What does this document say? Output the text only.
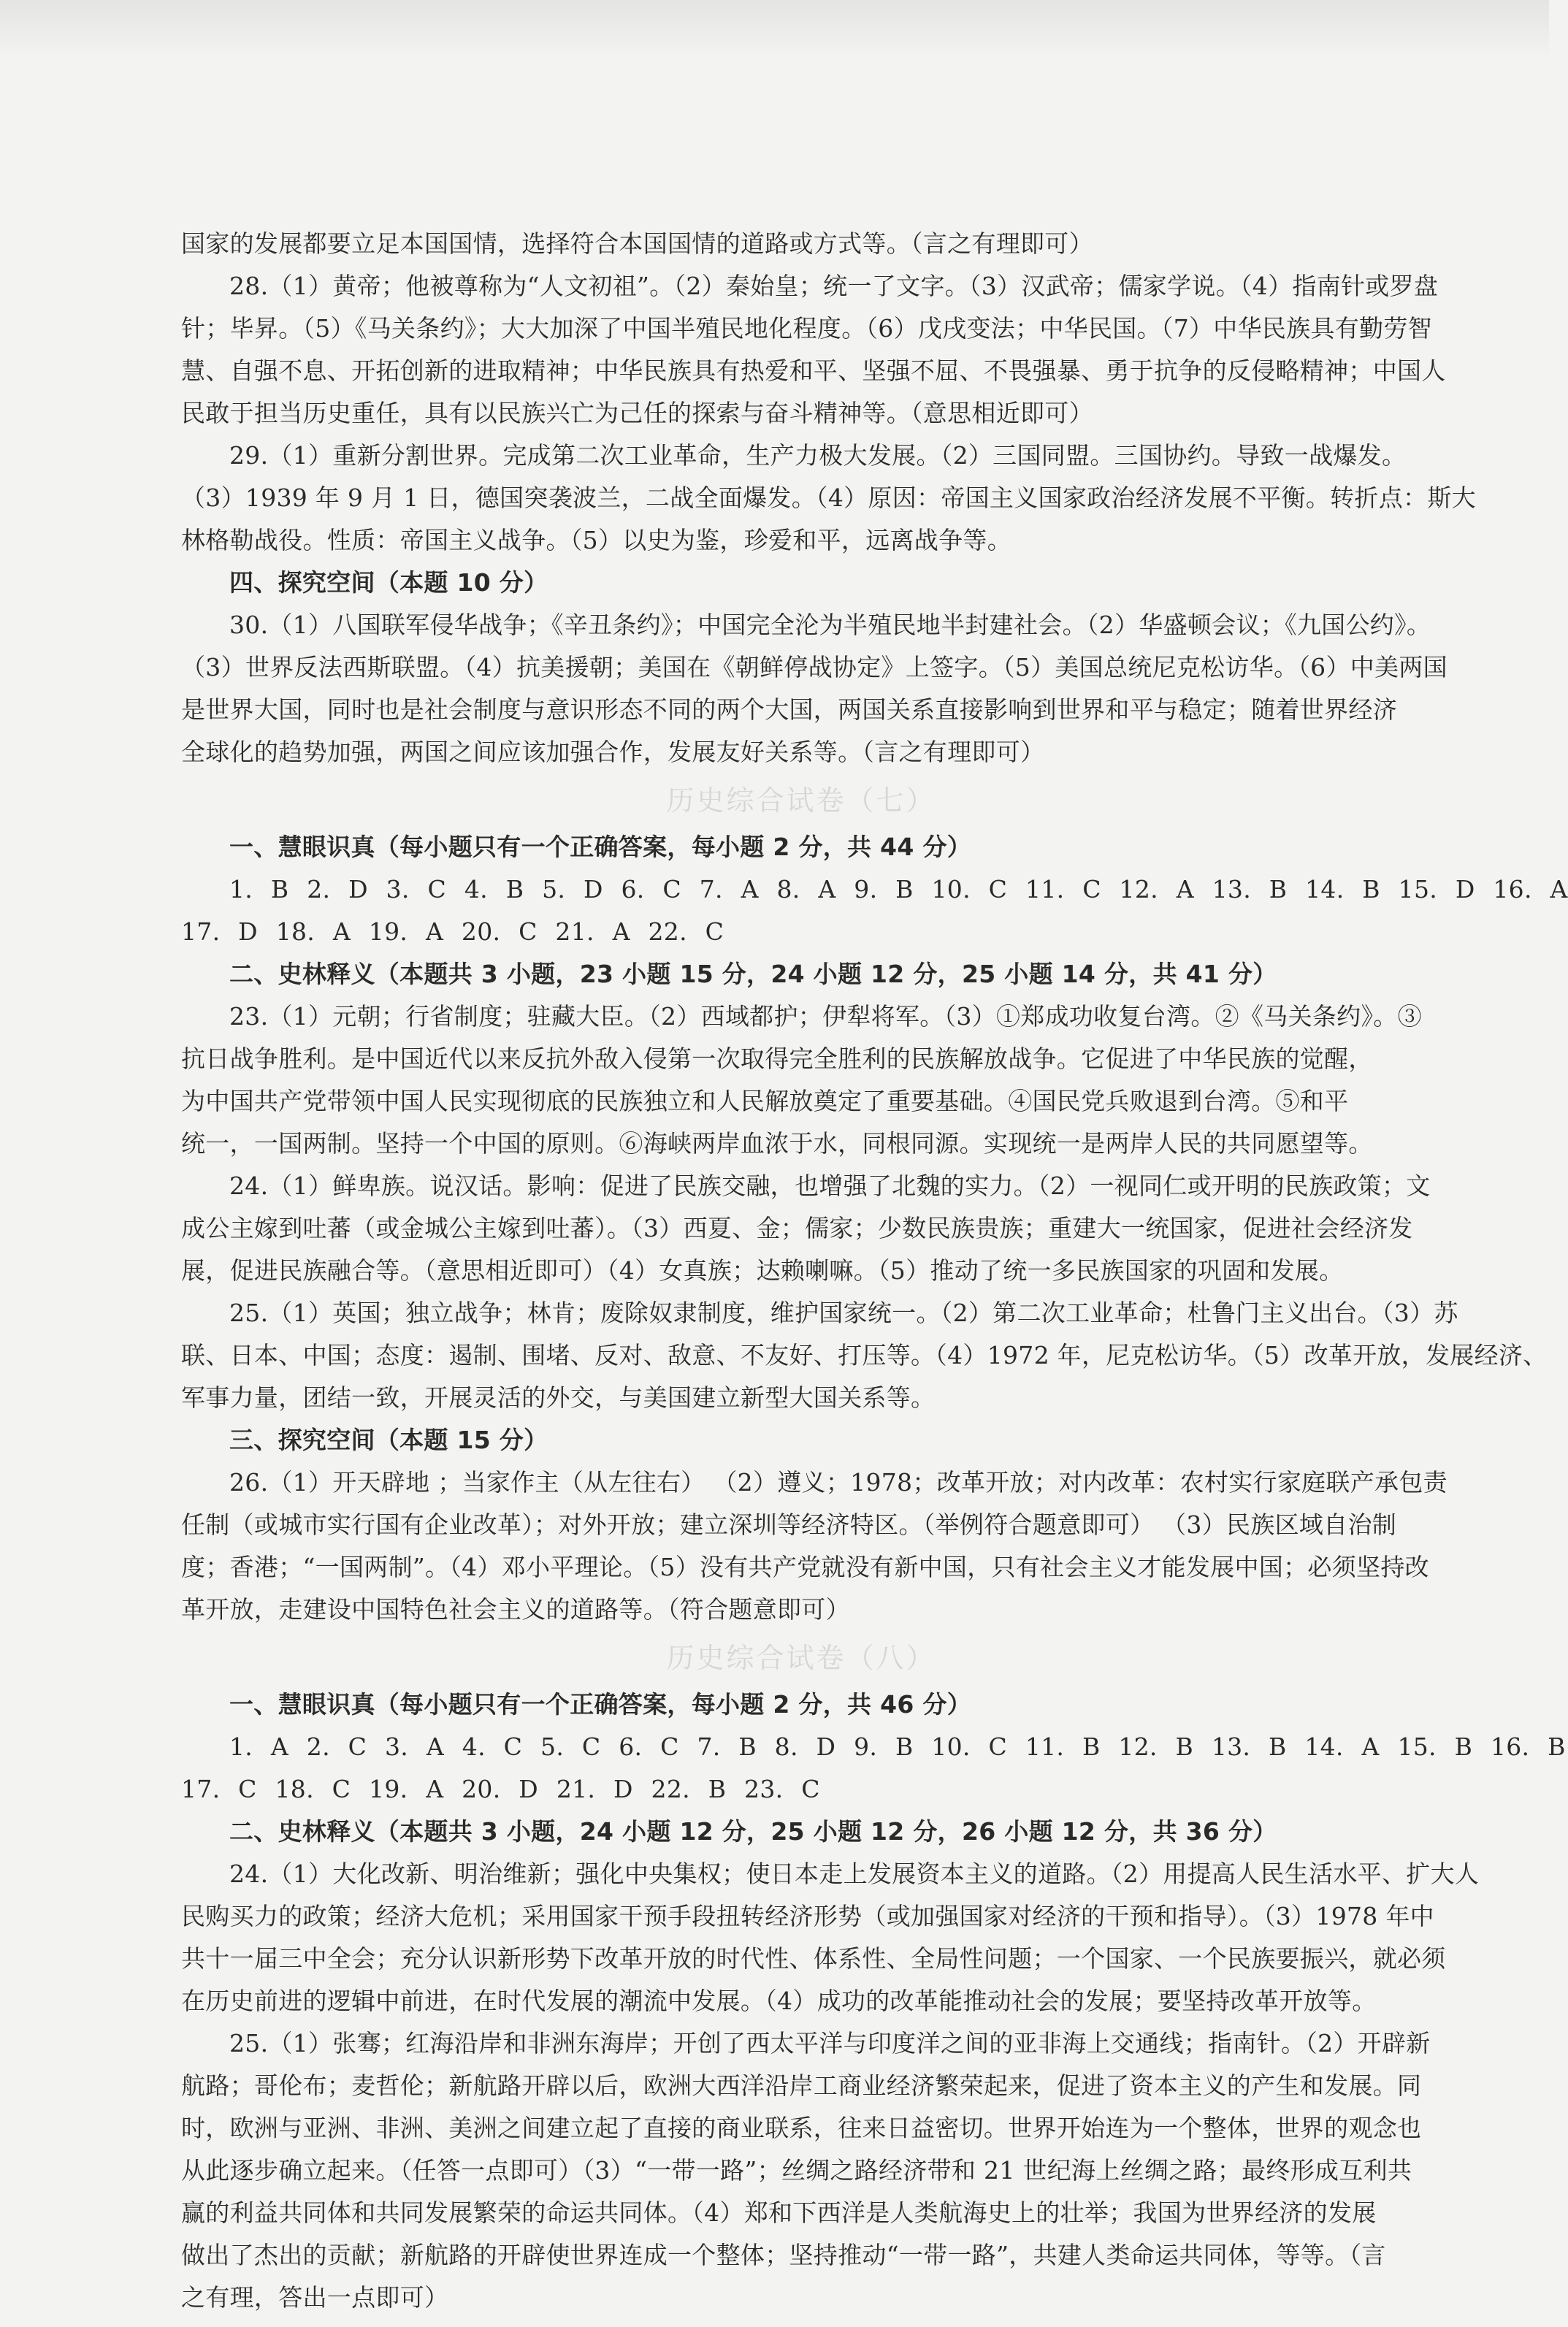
国家的发展都要立足本国国情，选择符合本国国情的道路或方式等。（言之有理即可）

28.（1）黄帝；他被尊称为“人文初祖”。（2）秦始皇；统一了文字。（3）汉武帝；儒家学说。（4）指南针或罗盘

针；毕昇。（5）《马关条约》；大大加深了中国半殖民地化程度。（6）戊戌变法；中华民国。（7）中华民族具有勤劳智

慧、自强不息、开拓创新的进取精神；中华民族具有热爱和平、坚强不屈、不畏强暴、勇于抗争的反侵略精神；中国人

民敢于担当历史重任，具有以民族兴亡为己任的探索与奋斗精神等。（意思相近即可）

29.（1）重新分割世界。完成第二次工业革命，生产力极大发展。（2）三国同盟。三国协约。导致一战爆发。

（3）1939 年 9 月 1 日，德国突袭波兰，二战全面爆发。（4）原因：帝国主义国家政治经济发展不平衡。转折点：斯大

林格勒战役。性质：帝国主义战争。（5）以史为鉴，珍爱和平，远离战争等。

四、探究空间（本题 10 分）

30.（1）八国联军侵华战争；《辛丑条约》；中国完全沦为半殖民地半封建社会。（2）华盛顿会议；《九国公约》。

（3）世界反法西斯联盟。（4）抗美援朝；美国在《朝鲜停战协定》上签字。（5）美国总统尼克松访华。（6）中美两国

是世界大国，同时也是社会制度与意识形态不同的两个大国，两国关系直接影响到世界和平与稳定；随着世界经济

全球化的趋势加强，两国之间应该加强合作，发展友好关系等。（言之有理即可）

历史综合试卷（七）

一、慧眼识真（每小题只有一个正确答案，每小题 2 分，共 44 分）

1. B 2. D 3. C 4. B 5. D 6. C 7. A 8. A 9. B 10. C 11. C 12. A 13. B 14. B 15. D 16. A

17. D 18. A 19. A 20. C 21. A 22. C

二、史林释义（本题共 3 小题，23 小题 15 分，24 小题 12 分，25 小题 14 分，共 41 分）

23.（1）元朝；行省制度；驻藏大臣。（2）西域都护；伊犁将军。（3）①郑成功收复台湾。②《马关条约》。③

抗日战争胜利。是中国近代以来反抗外敌入侵第一次取得完全胜利的民族解放战争。它促进了中华民族的觉醒，

为中国共产党带领中国人民实现彻底的民族独立和人民解放奠定了重要基础。④国民党兵败退到台湾。⑤和平

统一，一国两制。坚持一个中国的原则。⑥海峡两岸血浓于水，同根同源。实现统一是两岸人民的共同愿望等。

24.（1）鲜卑族。说汉话。影响：促进了民族交融，也增强了北魏的实力。（2）一视同仁或开明的民族政策；文

成公主嫁到吐蕃（或金城公主嫁到吐蕃）。（3）西夏、金；儒家；少数民族贵族；重建大一统国家，促进社会经济发

展，促进民族融合等。（意思相近即可）（4）女真族；达赖喇嘛。（5）推动了统一多民族国家的巩固和发展。

25.（1）英国；独立战争；林肯；废除奴隶制度，维护国家统一。（2）第二次工业革命；杜鲁门主义出台。（3）苏

联、日本、中国；态度：遏制、围堵、反对、敌意、不友好、打压等。（4）1972 年，尼克松访华。（5）改革开放，发展经济、

军事力量，团结一致，开展灵活的外交，与美国建立新型大国关系等。

三、探究空间（本题 15 分）

26.（1）开天辟地 ；当家作主（从左往右） （2）遵义；1978；改革开放；对内改革：农村实行家庭联产承包责

任制（或城市实行国有企业改革）；对外开放；建立深圳等经济特区。（举例符合题意即可） （3）民族区域自治制

度；香港；“一国两制”。（4）邓小平理论。（5）没有共产党就没有新中国，只有社会主义才能发展中国；必须坚持改

革开放，走建设中国特色社会主义的道路等。（符合题意即可）

历史综合试卷（八）

一、慧眼识真（每小题只有一个正确答案，每小题 2 分，共 46 分）

1. A 2. C 3. A 4. C 5. C 6. C 7. B 8. D 9. B 10. C 11. B 12. B 13. B 14. A 15. B 16. B

17. C 18. C 19. A 20. D 21. D 22. B 23. C

二、史林释义（本题共 3 小题，24 小题 12 分，25 小题 12 分，26 小题 12 分，共 36 分）

24.（1）大化改新、明治维新；强化中央集权；使日本走上发展资本主义的道路。（2）用提高人民生活水平、扩大人

民购买力的政策；经济大危机；采用国家干预手段扭转经济形势（或加强国家对经济的干预和指导）。（3）1978 年中

共十一届三中全会；充分认识新形势下改革开放的时代性、体系性、全局性问题；一个国家、一个民族要振兴，就必须

在历史前进的逻辑中前进，在时代发展的潮流中发展。（4）成功的改革能推动社会的发展；要坚持改革开放等。

25.（1）张骞；红海沿岸和非洲东海岸；开创了西太平洋与印度洋之间的亚非海上交通线；指南针。（2）开辟新

航路；哥伦布；麦哲伦；新航路开辟以后，欧洲大西洋沿岸工商业经济繁荣起来，促进了资本主义的产生和发展。同

时，欧洲与亚洲、非洲、美洲之间建立起了直接的商业联系，往来日益密切。世界开始连为一个整体，世界的观念也

从此逐步确立起来。（任答一点即可）（3）“一带一路”；丝绸之路经济带和 21 世纪海上丝绸之路；最终形成互利共

赢的利益共同体和共同发展繁荣的命运共同体。（4）郑和下西洋是人类航海史上的壮举；我国为世界经济的发展

做出了杰出的贡献；新航路的开辟使世界连成一个整体；坚持推动“一带一路”，共建人类命运共同体，等等。（言

之有理，答出一点即可）
